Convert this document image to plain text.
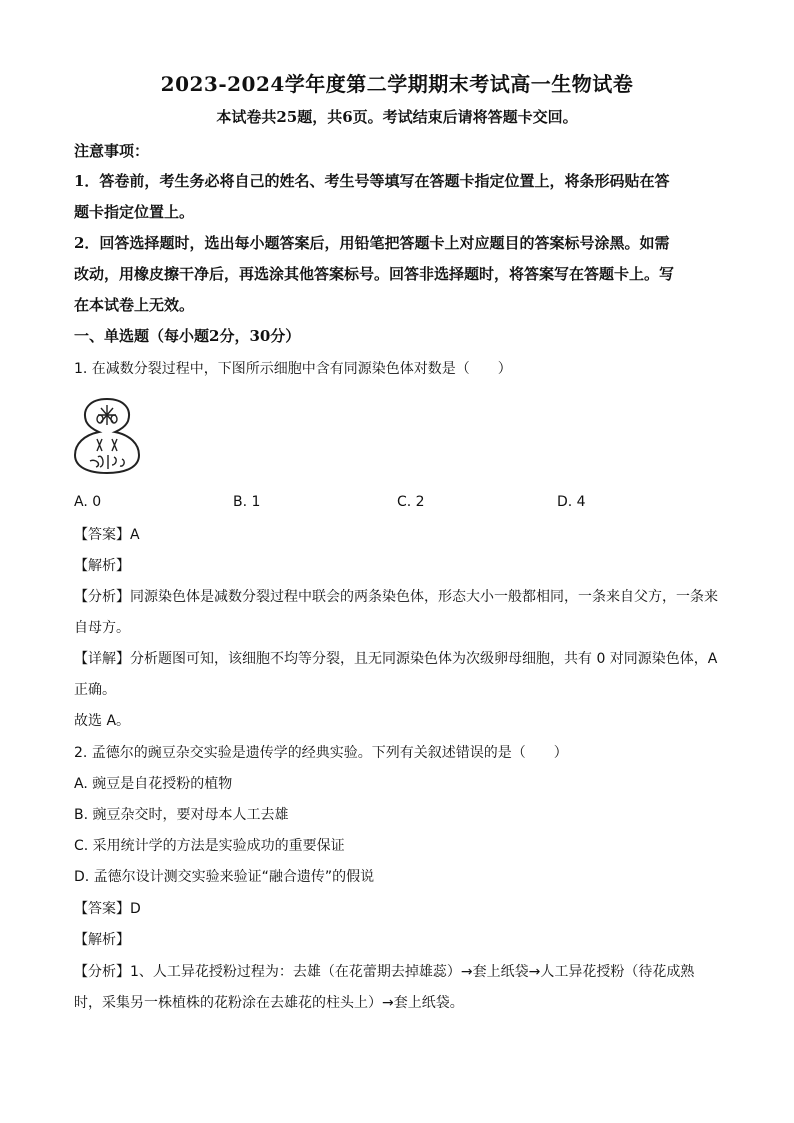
2023-2024学年度第二学期期末考试高一生物试卷
本试卷共25题，共6页。考试结束后请将答题卡交回。
注意事项：
1．答卷前，考生务必将自己的姓名、考生号等填写在答题卡指定位置上，将条形码贴在答
题卡指定位置上。
2．回答选择题时，选出每小题答案后，用铅笔把答题卡上对应题目的答案标号涂黑。如需
改动，用橡皮擦干净后，再选涂其他答案标号。回答非选择题时，将答案写在答题卡上。写
在本试卷上无效。
一、单选题（每小题2分，30分）
1. 在减数分裂过程中，下图所示细胞中含有同源染色体对数是（　　）
A. 0	B. 1	C. 2	D. 4
【答案】A
【解析】
【分析】同源染色体是减数分裂过程中联会的两条染色体，形态大小一般都相同，一条来自父方，一条来
自母方。
【详解】分析题图可知，该细胞不均等分裂，且无同源染色体为次级卵母细胞，共有 0 对同源染色体，A
正确。
故选 A。
2. 孟德尔的豌豆杂交实验是遗传学的经典实验。下列有关叙述错误的是（　　）
A. 豌豆是自花授粉的植物
B. 豌豆杂交时，要对母本人工去雄
C. 采用统计学的方法是实验成功的重要保证
D. 孟德尔设计测交实验来验证“融合遗传”的假说
【答案】D
【解析】
【分析】1、人工异花授粉过程为：去雄（在花蕾期去掉雄蕊）→套上纸袋→人工异花授粉（待花成熟
时，采集另一株植株的花粉涂在去雄花的柱头上）→套上纸袋。
